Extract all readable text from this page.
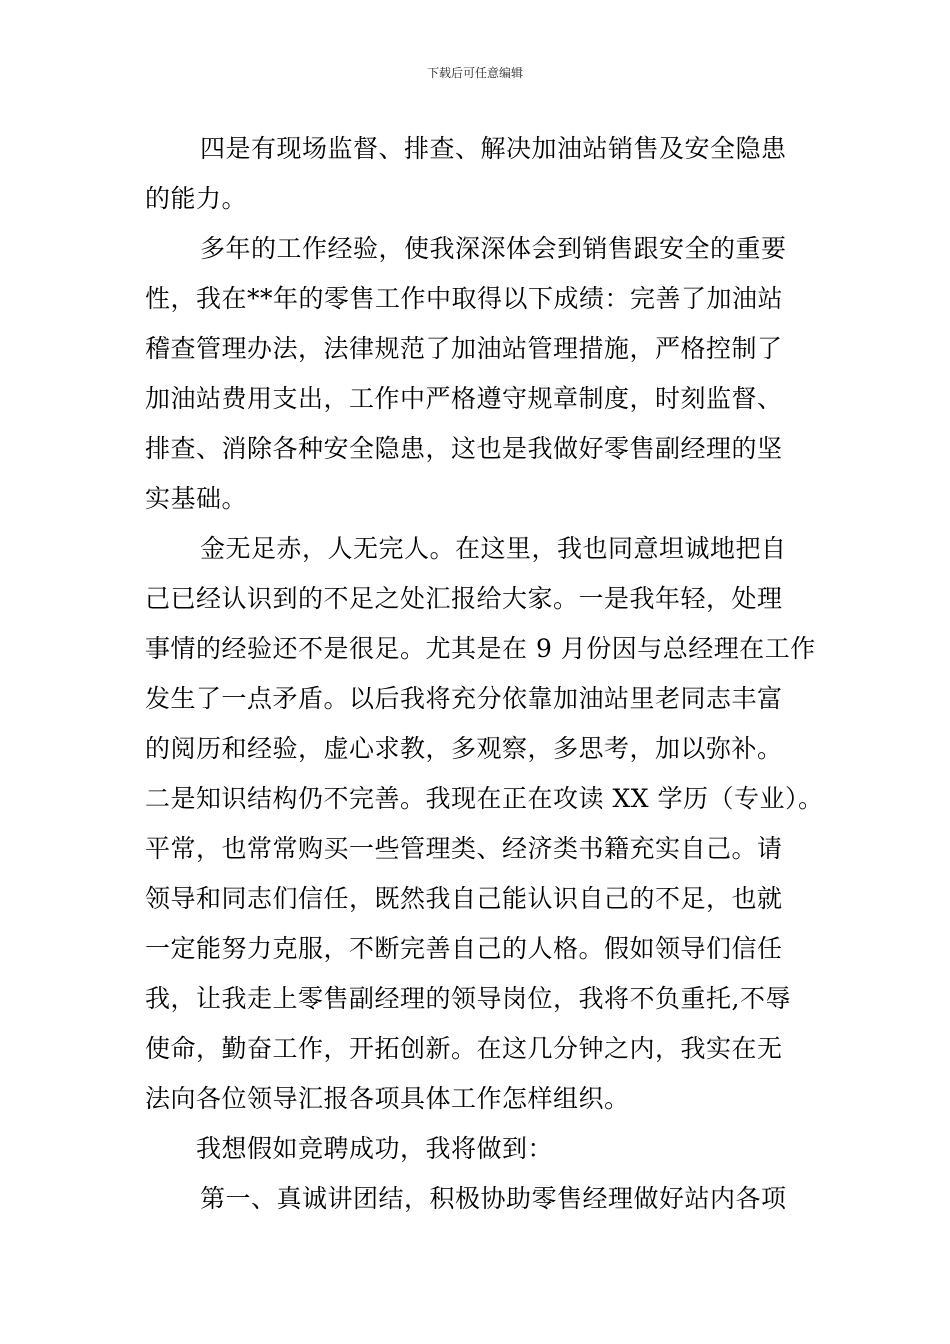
下载后可任意编辑
四是有现场监督、排查、解决加油站销售及安全隐患
的能力。
多年的工作经验，使我深深体会到销售跟安全的重要
性，我在**年的零售工作中取得以下成绩：完善了加油站
稽查管理办法，法律规范了加油站管理措施，严格控制了
加油站费用支出，工作中严格遵守规章制度，时刻监督、
排查、消除各种安全隐患，这也是我做好零售副经理的坚
实基础。
金无足赤，人无完人。在这里，我也同意坦诚地把自
己已经认识到的不足之处汇报给大家。一是我年轻，处理
事情的经验还不是很足。尤其是在 9 月份因与总经理在工作
发生了一点矛盾。以后我将充分依靠加油站里老同志丰富
的阅历和经验，虚心求教，多观察，多思考，加以弥补。
二是知识结构仍不完善。我现在正在攻读 XX 学历（专业）。
平常，也常常购买一些管理类、经济类书籍充实自己。请
领导和同志们信任，既然我自己能认识自己的不足，也就
一定能努力克服，不断完善自己的人格。假如领导们信任
我，让我走上零售副经理的领导岗位，我将不负重托,不辱
使命，勤奋工作，开拓创新。在这几分钟之内，我实在无
法向各位领导汇报各项具体工作怎样组织。
我想假如竞聘成功，我将做到：
第一、真诚讲团结，积极协助零售经理做好站内各项
